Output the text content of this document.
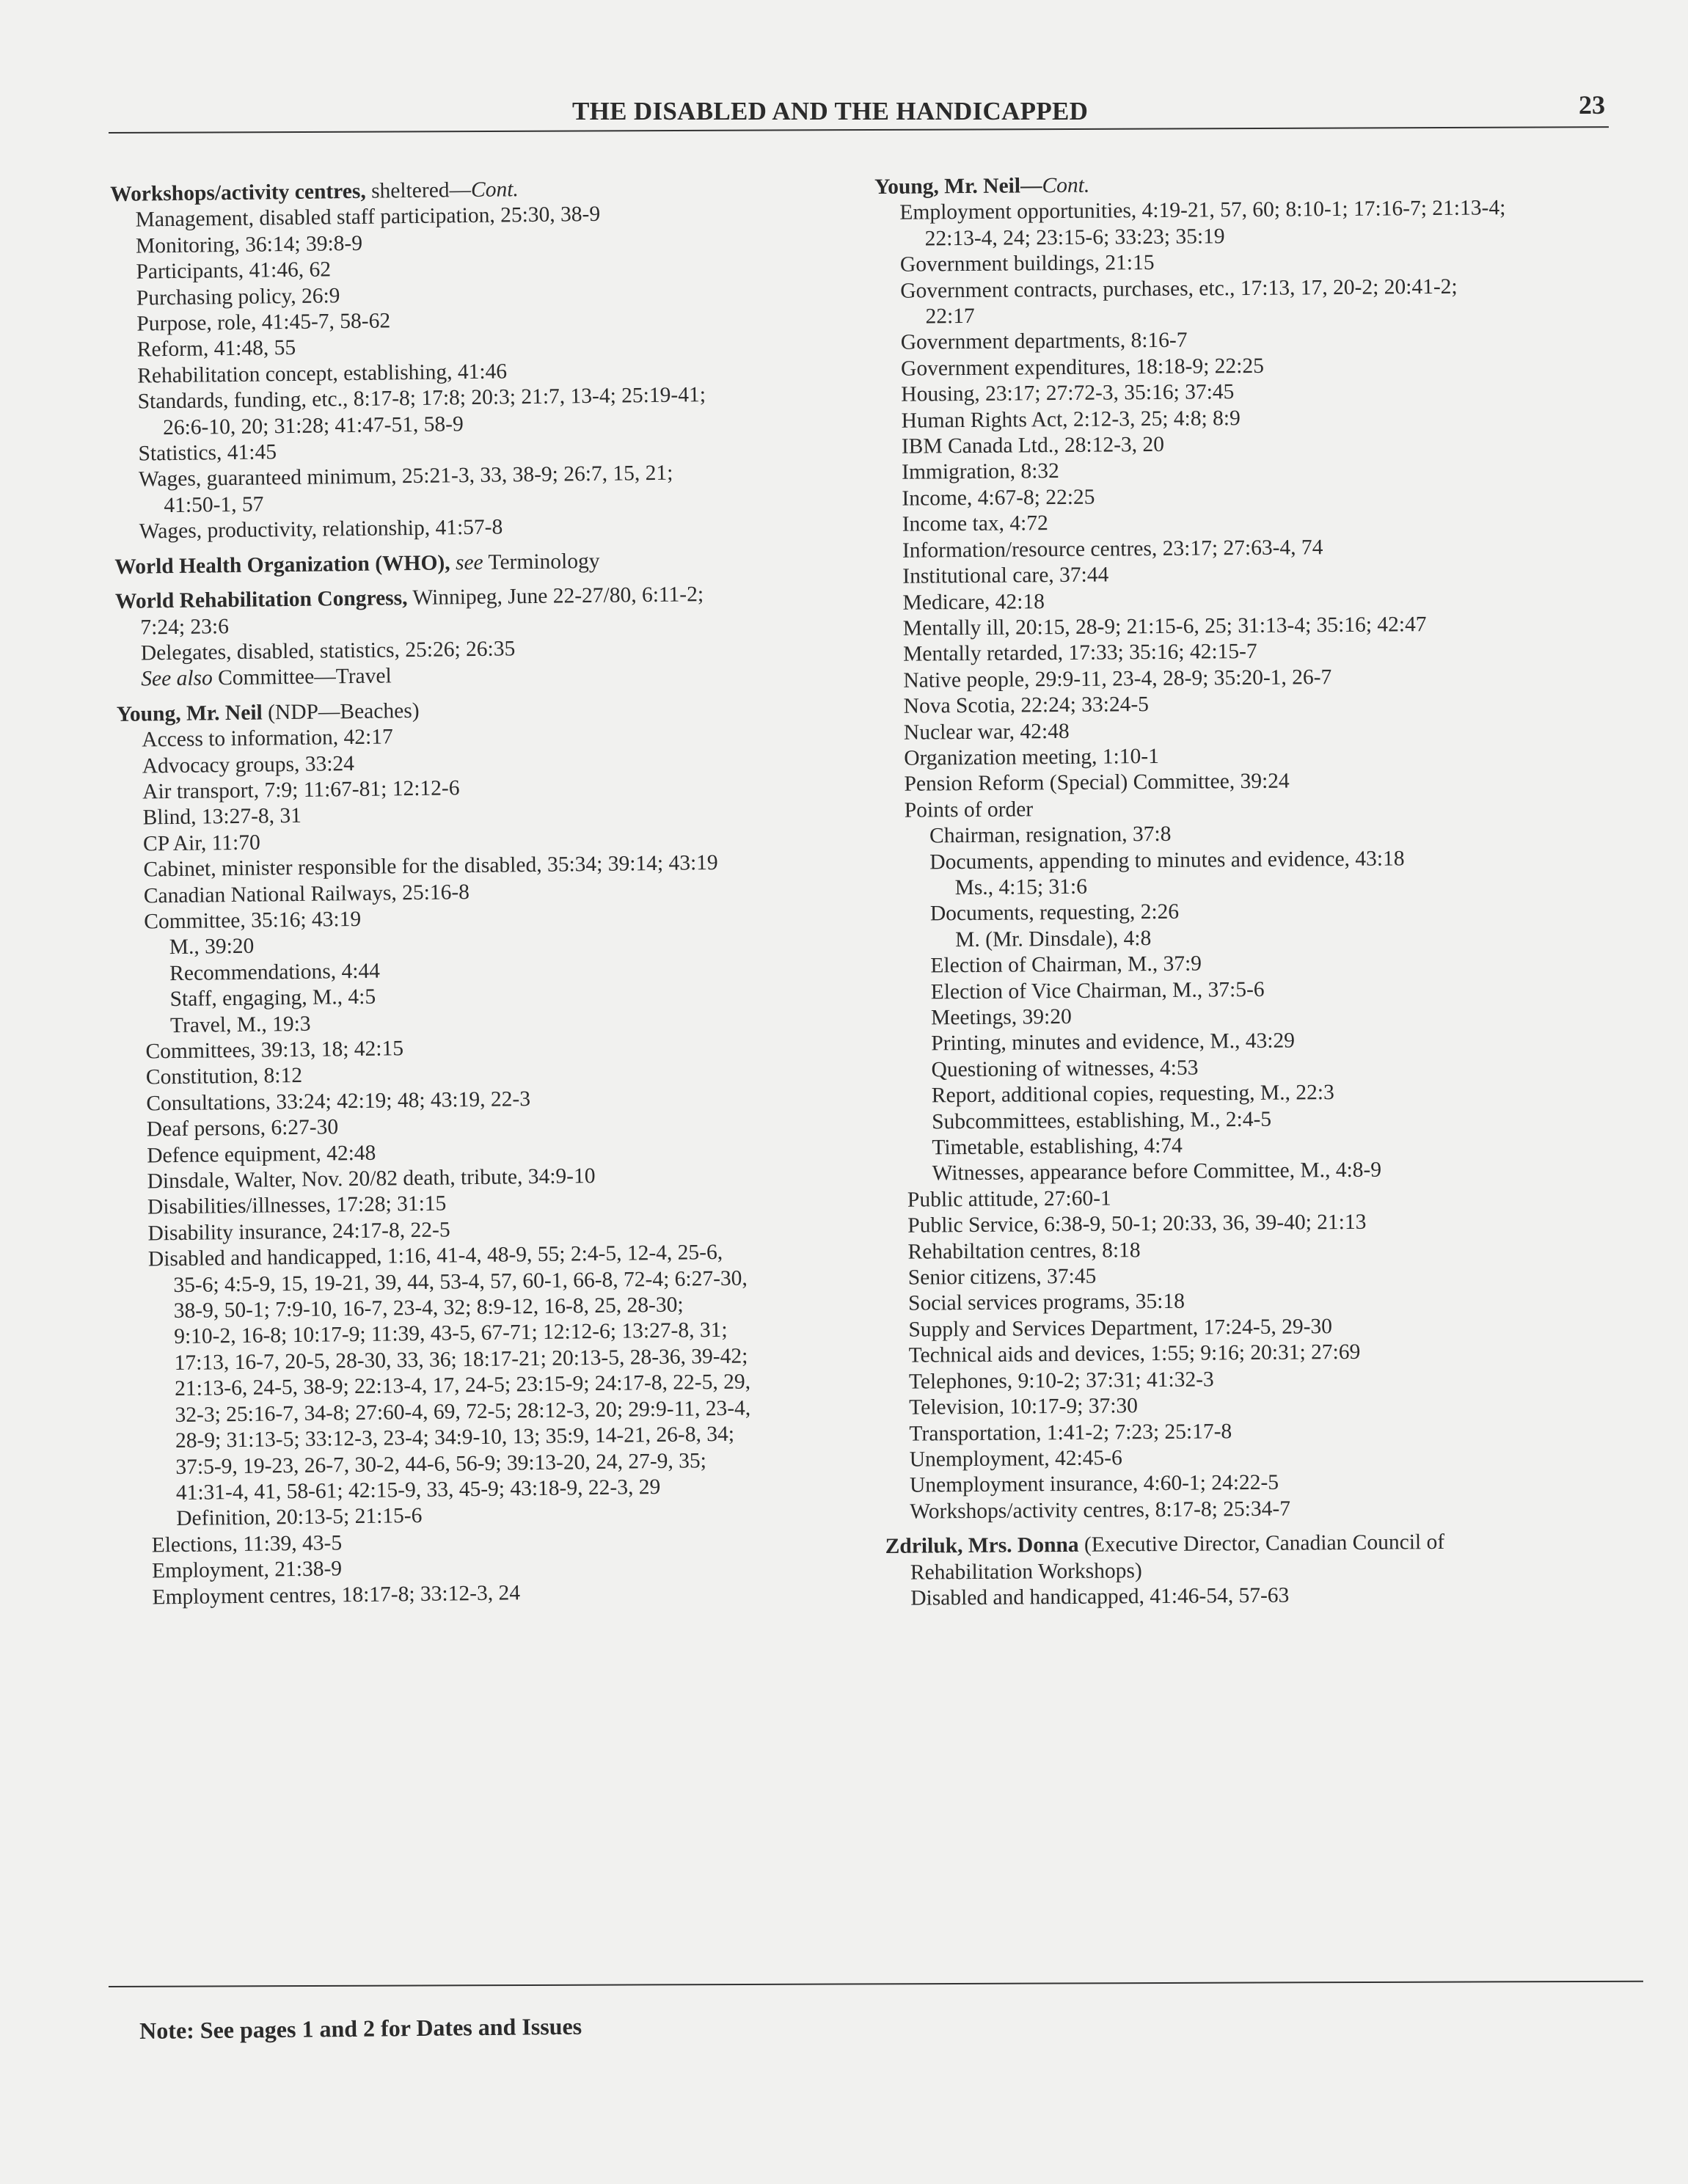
THE DISABLED AND THE HANDICAPPED	23
Workshops/activity centres, sheltered—Cont.
Management, disabled staff participation, 25:30, 38-9
Monitoring, 36:14; 39:8-9
Participants, 41:46, 62
Purchasing policy, 26:9
Purpose, role, 41:45-7, 58-62
Reform, 41:48, 55
Rehabilitation concept, establishing, 41:46
Standards, funding, etc., 8:17-8; 17:8; 20:3; 21:7, 13-4; 25:19-41;
26:6-10, 20; 31:28; 41:47-51, 58-9
Statistics, 41:45
Wages, guaranteed minimum, 25:21-3, 33, 38-9; 26:7, 15, 21;
41:50-1, 57
Wages, productivity, relationship, 41:57-8
World Health Organization (WHO), see Terminology
World Rehabilitation Congress, Winnipeg, June 22-27/80, 6:11-2;
7:24; 23:6
Delegates, disabled, statistics, 25:26; 26:35
See also Committee—Travel
Young, Mr. Neil (NDP—Beaches)
Access to information, 42:17
Advocacy groups, 33:24
Air transport, 7:9; 11:67-81; 12:12-6
Blind, 13:27-8, 31
CP Air, 11:70
Cabinet, minister responsible for the disabled, 35:34; 39:14; 43:19
Canadian National Railways, 25:16-8
Committee, 35:16; 43:19
M., 39:20
Recommendations, 4:44
Staff, engaging, M., 4:5
Travel, M., 19:3
Committees, 39:13, 18; 42:15
Constitution, 8:12
Consultations, 33:24; 42:19; 48; 43:19, 22-3
Deaf persons, 6:27-30
Defence equipment, 42:48
Dinsdale, Walter, Nov. 20/82 death, tribute, 34:9-10
Disabilities/illnesses, 17:28; 31:15
Disability insurance, 24:17-8, 22-5
Disabled and handicapped, 1:16, 41-4, 48-9, 55; 2:4-5, 12-4, 25-6,
35-6; 4:5-9, 15, 19-21, 39, 44, 53-4, 57, 60-1, 66-8, 72-4; 6:27-30,
38-9, 50-1; 7:9-10, 16-7, 23-4, 32; 8:9-12, 16-8, 25, 28-30;
9:10-2, 16-8; 10:17-9; 11:39, 43-5, 67-71; 12:12-6; 13:27-8, 31;
17:13, 16-7, 20-5, 28-30, 33, 36; 18:17-21; 20:13-5, 28-36, 39-42;
21:13-6, 24-5, 38-9; 22:13-4, 17, 24-5; 23:15-9; 24:17-8, 22-5, 29,
32-3; 25:16-7, 34-8; 27:60-4, 69, 72-5; 28:12-3, 20; 29:9-11, 23-4,
28-9; 31:13-5; 33:12-3, 23-4; 34:9-10, 13; 35:9, 14-21, 26-8, 34;
37:5-9, 19-23, 26-7, 30-2, 44-6, 56-9; 39:13-20, 24, 27-9, 35;
41:31-4, 41, 58-61; 42:15-9, 33, 45-9; 43:18-9, 22-3, 29
Definition, 20:13-5; 21:15-6
Elections, 11:39, 43-5
Employment, 21:38-9
Employment centres, 18:17-8; 33:12-3, 24
Young, Mr. Neil—Cont.
Employment opportunities, 4:19-21, 57, 60; 8:10-1; 17:16-7; 21:13-4;
22:13-4, 24; 23:15-6; 33:23; 35:19
Government buildings, 21:15
Government contracts, purchases, etc., 17:13, 17, 20-2; 20:41-2;
22:17
Government departments, 8:16-7
Government expenditures, 18:18-9; 22:25
Housing, 23:17; 27:72-3, 35:16; 37:45
Human Rights Act, 2:12-3, 25; 4:8; 8:9
IBM Canada Ltd., 28:12-3, 20
Immigration, 8:32
Income, 4:67-8; 22:25
Income tax, 4:72
Information/resource centres, 23:17; 27:63-4, 74
Institutional care, 37:44
Medicare, 42:18
Mentally ill, 20:15, 28-9; 21:15-6, 25; 31:13-4; 35:16; 42:47
Mentally retarded, 17:33; 35:16; 42:15-7
Native people, 29:9-11, 23-4, 28-9; 35:20-1, 26-7
Nova Scotia, 22:24; 33:24-5
Nuclear war, 42:48
Organization meeting, 1:10-1
Pension Reform (Special) Committee, 39:24
Points of order
Chairman, resignation, 37:8
Documents, appending to minutes and evidence, 43:18
Ms., 4:15; 31:6
Documents, requesting, 2:26
M. (Mr. Dinsdale), 4:8
Election of Chairman, M., 37:9
Election of Vice Chairman, M., 37:5-6
Meetings, 39:20
Printing, minutes and evidence, M., 43:29
Questioning of witnesses, 4:53
Report, additional copies, requesting, M., 22:3
Subcommittees, establishing, M., 2:4-5
Timetable, establishing, 4:74
Witnesses, appearance before Committee, M., 4:8-9
Public attitude, 27:60-1
Public Service, 6:38-9, 50-1; 20:33, 36, 39-40; 21:13
Rehabiltation centres, 8:18
Senior citizens, 37:45
Social services programs, 35:18
Supply and Services Department, 17:24-5, 29-30
Technical aids and devices, 1:55; 9:16; 20:31; 27:69
Telephones, 9:10-2; 37:31; 41:32-3
Television, 10:17-9; 37:30
Transportation, 1:41-2; 7:23; 25:17-8
Unemployment, 42:45-6
Unemployment insurance, 4:60-1; 24:22-5
Workshops/activity centres, 8:17-8; 25:34-7
Zdriluk, Mrs. Donna (Executive Director, Canadian Council of
Rehabilitation Workshops)
Disabled and handicapped, 41:46-54, 57-63
Note: See pages 1 and 2 for Dates and Issues
